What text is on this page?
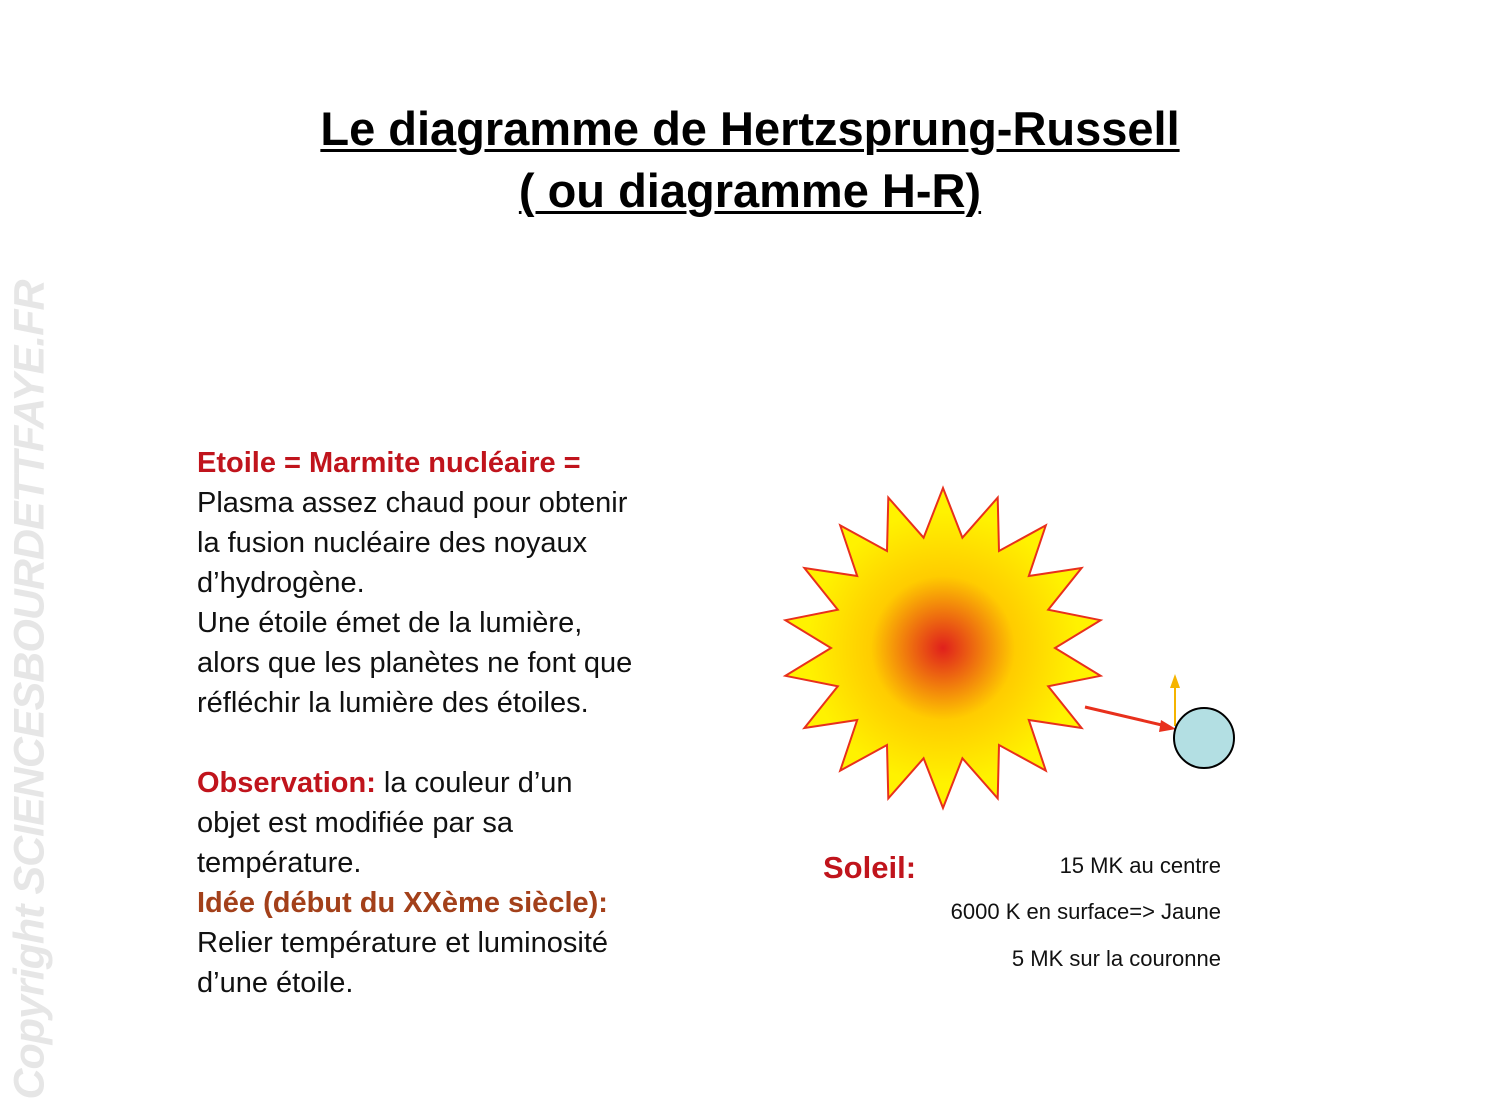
Copyright SCIENCESBOURDETTFAYE.FR
Le diagramme de Hertzsprung-Russell
( ou diagramme H-R)
Etoile = Marmite nucléaire =
Plasma assez chaud pour obtenir
la fusion nucléaire des noyaux
d’hydrogène.
Une étoile émet de la lumière,
alors que les planètes ne font que
réfléchir la lumière des étoiles.
Observation: la couleur d’un
objet est modifiée par sa
température.
Idée (début du XXème siècle):
Relier température et luminosité
d’une étoile.
Soleil:	15 MK au centre
6000 K en surface=> Jaune
5 MK sur la couronne
